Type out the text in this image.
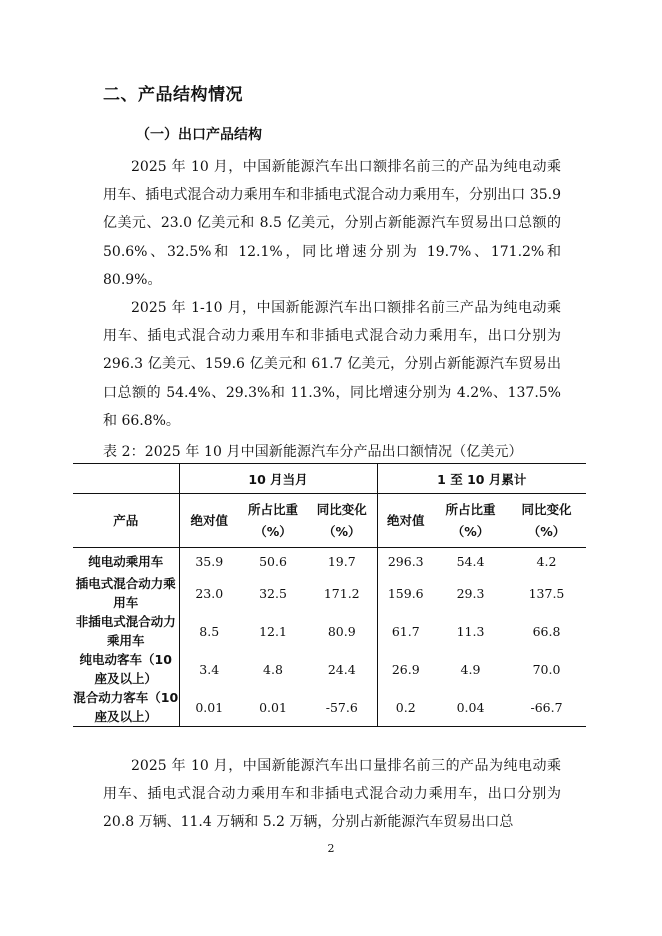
二、产品结构情况
（一）出口产品结构

2025 年 10 月，中国新能源汽车出口额排名前三的产品为纯电动乘用车、插电式混合动力乘用车和非插电式混合动力乘用车，分别出口 35.9 亿美元、23.0 亿美元和 8.5 亿美元，分别占新能源汽车贸易出口总额的 50.6%、32.5%和 12.1%，同比增速分别为 19.7%、171.2%和 80.9%。

2025 年 1-10 月，中国新能源汽车出口额排名前三产品为纯电动乘用车、插电式混合动力乘用车和非插电式混合动力乘用车，出口分别为 296.3 亿美元、159.6 亿美元和 61.7 亿美元，分别占新能源汽车贸易出口总额的 54.4%、29.3%和 11.3%，同比增速分别为 4.2%、137.5%和 66.8%。

表 2：2025 年 10 月中国新能源汽车分产品出口额情况（亿美元）
	10 月当月			1 至 10 月累计		
产品	绝对值	所占比重（%）	同比变化（%）	绝对值	所占比重（%）	同比变化（%）
纯电动乘用车	35.9	50.6	19.7	296.3	54.4	4.2
插电式混合动力乘用车	23.0	32.5	171.2	159.6	29.3	137.5
非插电式混合动力乘用车	8.5	12.1	80.9	61.7	11.3	66.8
纯电动客车（10 座及以上）	3.4	4.8	24.4	26.9	4.9	70.0
混合动力客车（10 座及以上）	0.01	0.01	-57.6	0.2	0.04	-66.7

2025 年 10 月，中国新能源汽车出口量排名前三的产品为纯电动乘用车、插电式混合动力乘用车和非插电式混合动力乘用车，出口分别为 20.8 万辆、11.4 万辆和 5.2 万辆，分别占新能源汽车贸易出口总

2
